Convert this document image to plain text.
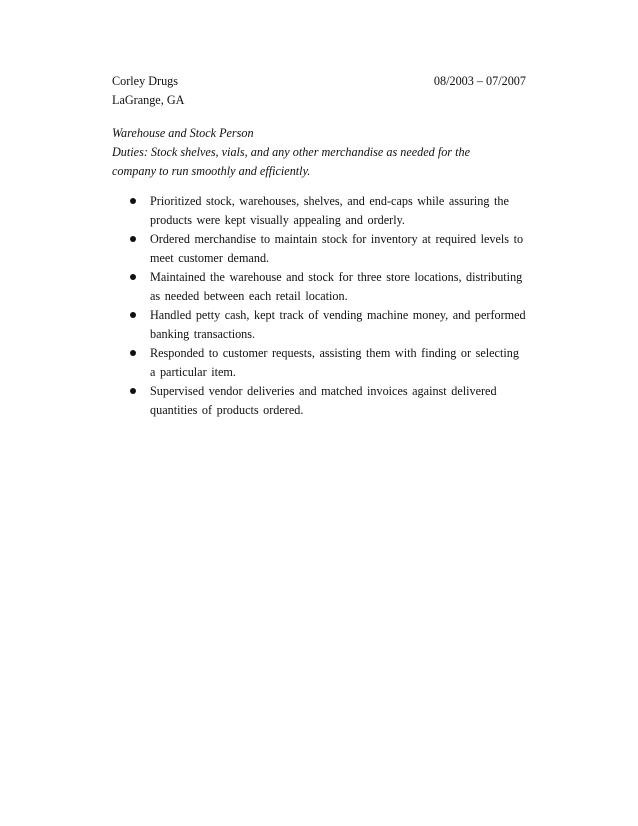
Corley Drugs	08/2003 – 07/2007
LaGrange, GA
Warehouse and Stock Person
Duties: Stock shelves, vials, and any other merchandise as needed for the company to run smoothly and efficiently.
Prioritized stock, warehouses, shelves, and end-caps while assuring the products were kept visually appealing and orderly.
Ordered merchandise to maintain stock for inventory at required levels to meet customer demand.
Maintained the warehouse and stock for three store locations, distributing as needed between each retail location.
Handled petty cash, kept track of vending machine money, and performed banking transactions.
Responded to customer requests, assisting them with finding or selecting a particular item.
Supervised vendor deliveries and matched invoices against delivered quantities of products ordered.
